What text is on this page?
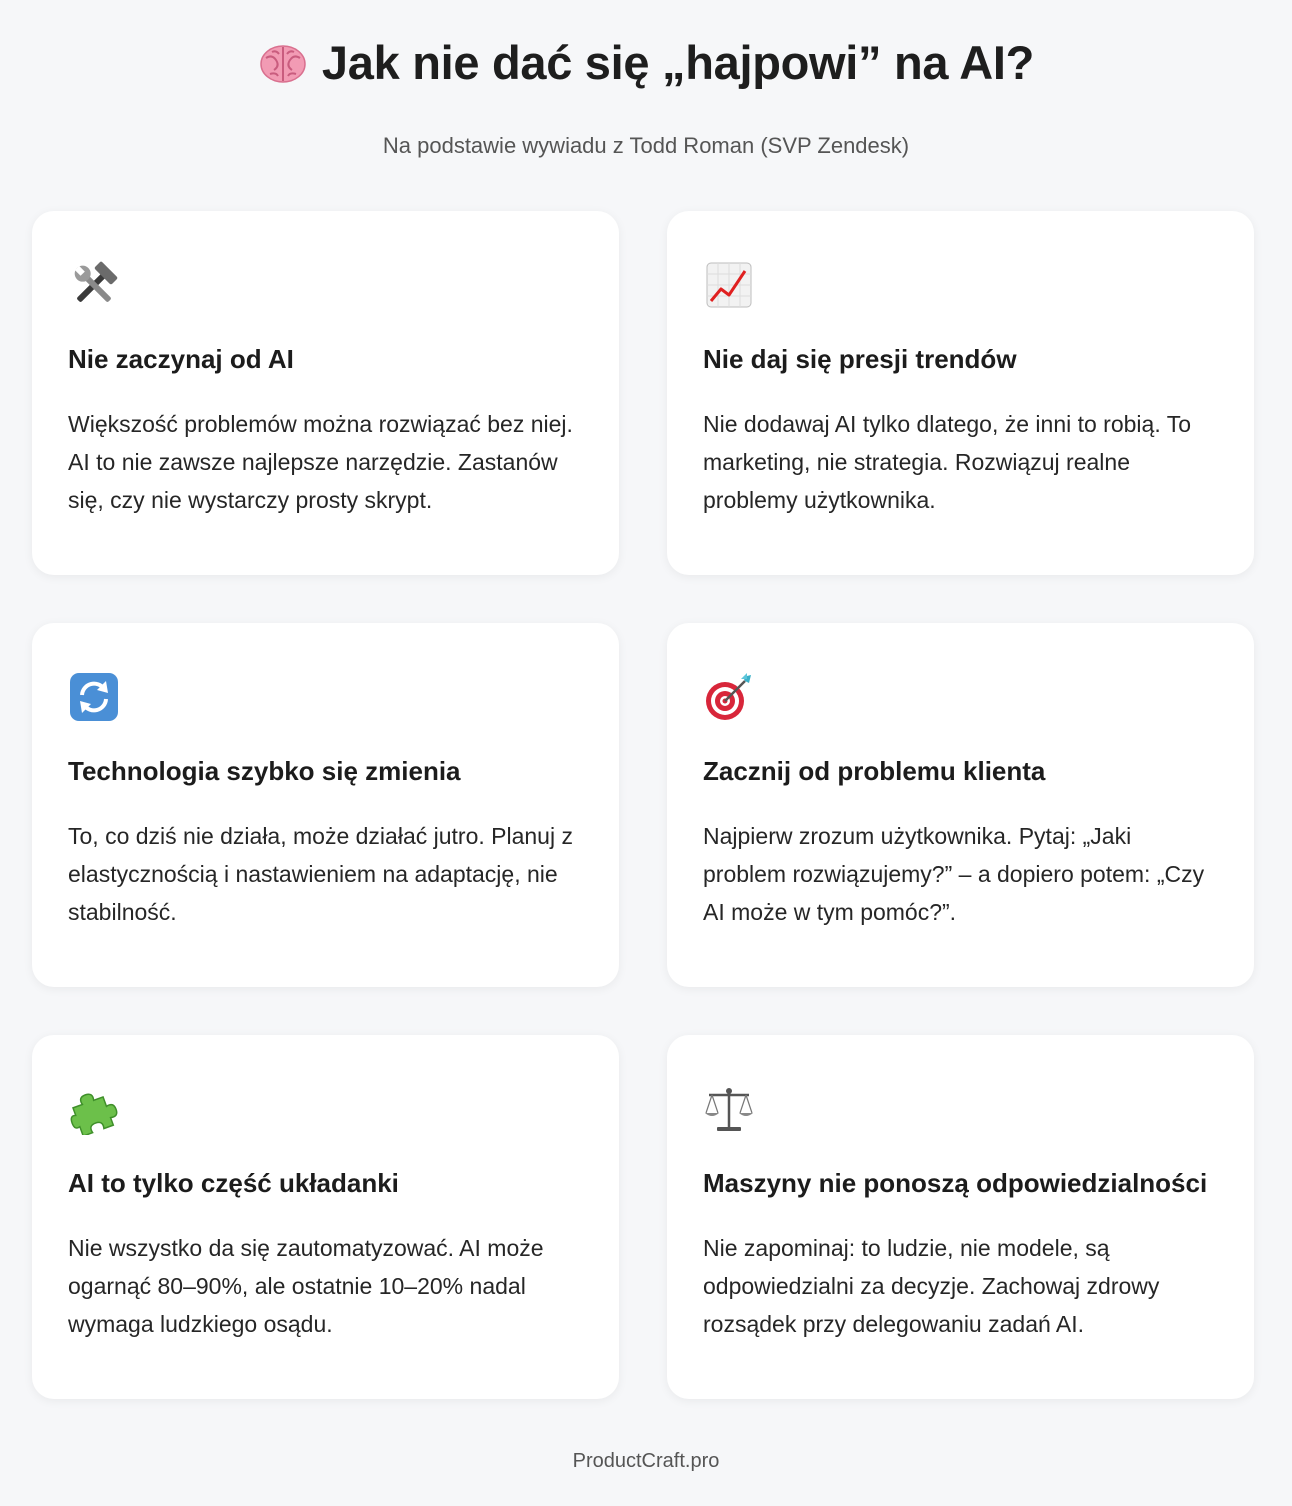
Jak nie dać się „hajpowi” na AI?
Na podstawie wywiadu z Todd Roman (SVP Zendesk)
Nie zaczynaj od AI
Większość problemów można rozwiązać bez niej. AI to nie zawsze najlepsze narzędzie. Zastanów się, czy nie wystarczy prosty skrypt.
Nie daj się presji trendów
Nie dodawaj AI tylko dlatego, że inni to robią. To marketing, nie strategia. Rozwiązuj realne problemy użytkownika.
Technologia szybko się zmienia
To, co dziś nie działa, może działać jutro. Planuj z elastycznością i nastawieniem na adaptację, nie stabilność.
Zacznij od problemu klienta
Najpierw zrozum użytkownika. Pytaj: „Jaki problem rozwiązujemy?” – a dopiero potem: „Czy AI może w tym pomóc?”.
AI to tylko część układanki
Nie wszystko da się zautomatyzować. AI może ogarnąć 80–90%, ale ostatnie 10–20% nadal wymaga ludzkiego osądu.
Maszyny nie ponoszą odpowiedzialności
Nie zapominaj: to ludzie, nie modele, są odpowiedzialni za decyzje. Zachowaj zdrowy rozsądek przy delegowaniu zadań AI.
ProductCraft.pro
